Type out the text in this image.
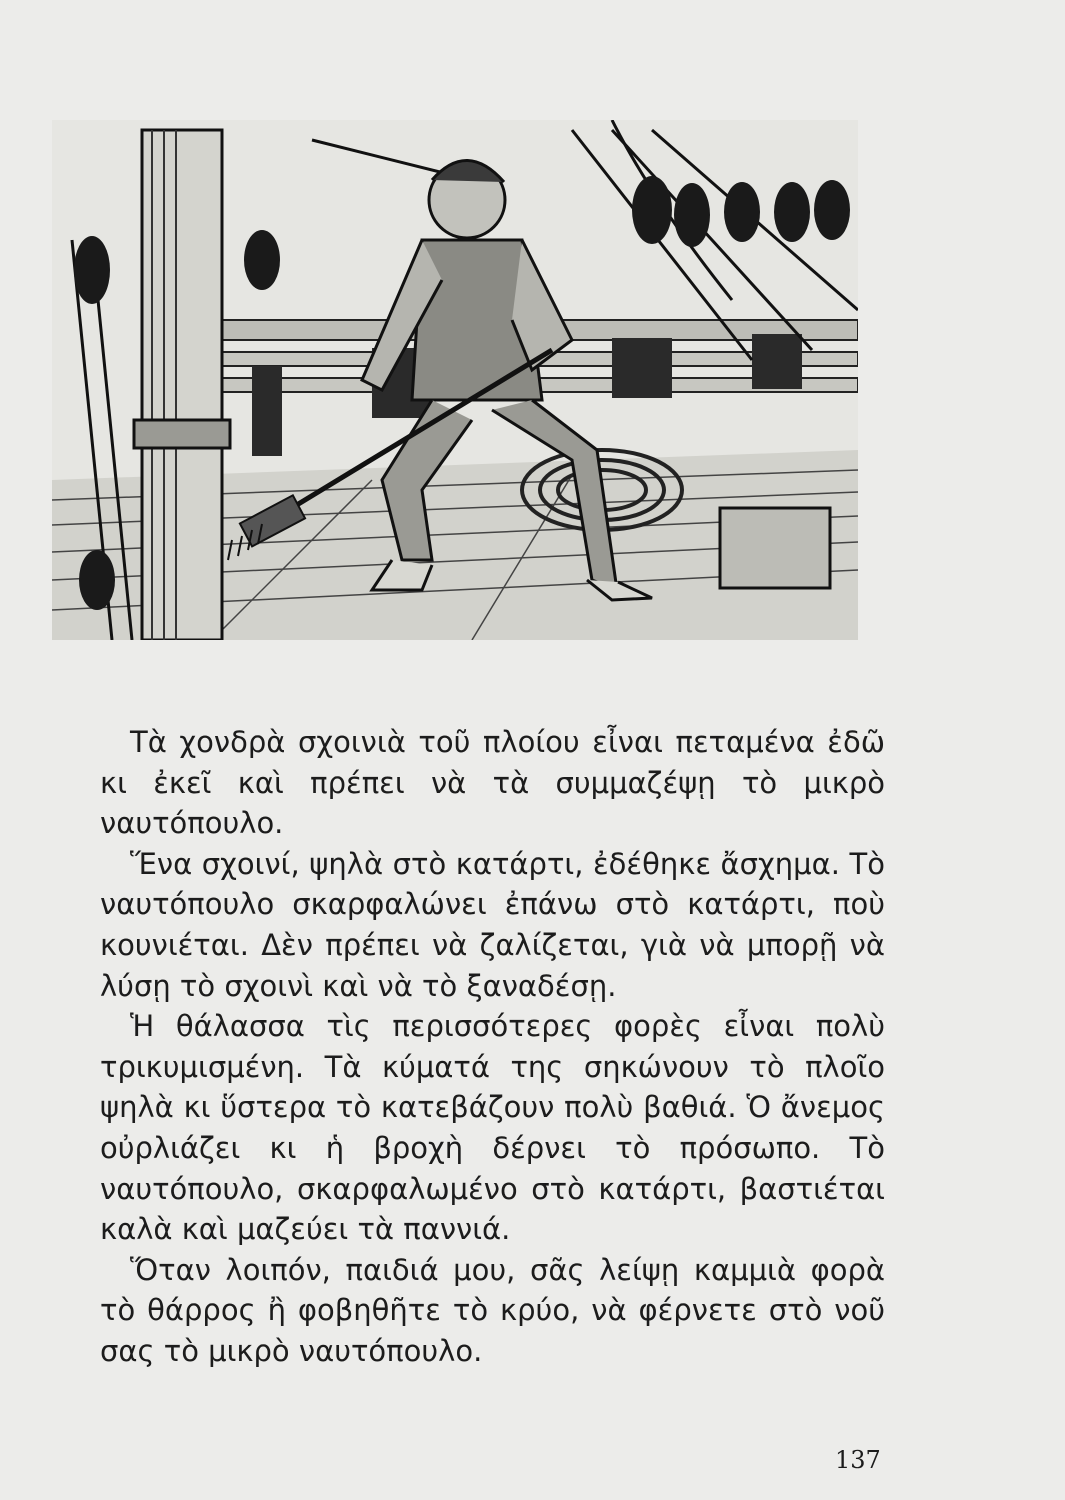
Τὰ χονδρὰ σχοινιὰ τοῦ πλοίου εἶναι πεταμένα ἐδῶ κι ἐκεῖ καὶ πρέπει νὰ τὰ συμμαζέψῃ τὸ μικρὸ ναυτόπουλο.

Ἕνα σχοινί, ψηλὰ στὸ κατάρτι, ἐδέθηκε ἄσχημα. Τὸ ναυτόπουλο σκαρφαλώνει ἐπάνω στὸ κατάρτι, ποὺ κουνιέται. Δὲν πρέπει νὰ ζαλίζεται, γιὰ νὰ μπορῇ νὰ λύσῃ τὸ σχοινὶ καὶ νὰ τὸ ξαναδέσῃ.

Ἡ θάλασσα τὶς περισσότερες φορὲς εἶναι πολὺ τρικυμισμένη. Τὰ κύματά της σηκώνουν τὸ πλοῖο ψηλὰ κι ὕστερα τὸ κατεβάζουν πολὺ βαθιά. Ὁ ἄνεμος οὐρλιάζει κι ἡ βροχὴ δέρνει τὸ πρόσωπο. Τὸ ναυτόπουλο, σκαρφαλωμένο στὸ κατάρτι, βαστιέται καλὰ καὶ μαζεύει τὰ παννιά.

Ὅταν λοιπόν, παιδιά μου, σᾶς λείψῃ καμμιὰ φορὰ τὸ θάρρος ἢ φοβηθῆτε τὸ κρύο, νὰ φέρνετε στὸ νοῦ σας τὸ μικρὸ ναυτόπουλο.

137
